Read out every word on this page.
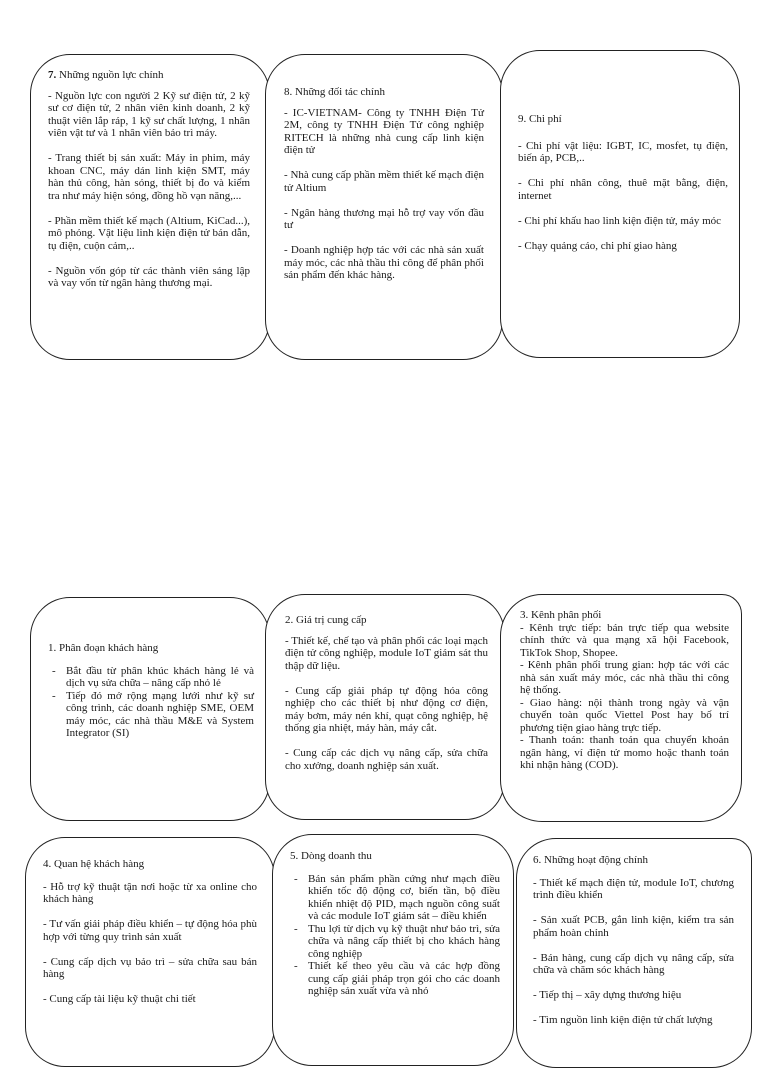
7. Những nguồn lực chính

- Nguồn lực con người 2 Kỹ sư điện tử, 2 kỹ sư cơ điện tử, 2 nhân viên kinh doanh, 2 kỹ thuật viên lắp ráp, 1 kỹ sư chất lượng, 1 nhân viên vật tư và 1 nhân viên bảo trì máy.

- Trang thiết bị sản xuất: Máy in phim, máy khoan CNC, máy dán linh kiện SMT, máy hàn thủ công, hàn sóng, thiết bị đo và kiểm tra như máy hiện sóng, đồng hồ vạn năng,...

- Phần mềm thiết kế mạch (Altium, KiCad...), mô phỏng. Vật liệu linh kiện điện tử bán dẫn, tụ điện, cuộn cảm,..

- Nguồn vốn góp từ các thành viên sáng lập và vay vốn từ ngân hàng thương mại.

8. Những đối tác chính

- IC-VIETNAM- Công ty TNHH Điện Tử 2M, công ty TNHH Điện Tử công nghiệp RITECH là những nhà cung cấp linh kiện điện tử

- Nhà cung cấp phần mềm thiết kế mạch điện tử Altium

- Ngân hàng thương mại hỗ trợ vay vốn đầu tư

- Doanh nghiệp hợp tác với các nhà sản xuất máy móc, các nhà thầu thi công để phân phối sản phẩm đến khác hàng.

9. Chi phí

- Chi phí vật liệu: IGBT, IC, mosfet, tụ điện, biến áp, PCB,..

- Chi phí nhân công, thuê mặt bằng, điện, internet

- Chi phí khấu hao linh kiện điện tử, máy móc

- Chạy quảng cáo, chi phí giao hàng

1. Phân đoạn khách hàng

- Bắt đầu từ phân khúc khách hàng lẻ và dịch vụ sửa chữa – nâng cấp nhỏ lẻ
- Tiếp đó mở rộng mạng lưới như kỹ sư công trình, các doanh nghiệp SME, OEM máy móc, các nhà thầu M&E và System Integrator (SI)

2. Giá trị cung cấp

- Thiết kế, chế tạo và phân phối các loại mạch điện tử công nghiệp, module IoT giám sát thu thập dữ liệu.

- Cung cấp giải pháp tự động hóa công nghiệp cho các thiết bị như động cơ điện, máy bơm, máy nén khí, quạt công nghiệp, hệ thống gia nhiệt, máy hàn, máy cắt.

- Cung cấp các dịch vụ nâng cấp, sửa chữa cho xưởng, doanh nghiệp sản xuất.

3. Kênh phân phối

- Kênh trực tiếp: bán trực tiếp qua website chính thức và qua mạng xã hội Facebook, TikTok Shop, Shopee.

- Kênh phân phối trung gian: hợp tác với các nhà sản xuất máy móc, các nhà thầu thi công hệ thống.

- Giao hàng: nội thành trong ngày và vận chuyển toàn quốc Viettel Post hay bố trí phương tiện giao hàng trực tiếp.

- Thanh toán: thanh toán qua chuyển khoản ngân hàng, ví điện tử momo hoặc thanh toán khi nhận hàng (COD).

4. Quan hệ khách hàng

- Hỗ trợ kỹ thuật tận nơi hoặc từ xa online cho khách hàng

- Tư vấn giải pháp điều khiển – tự động hóa phù hợp với từng quy trình sản xuất

- Cung cấp dịch vụ bảo trì – sửa chữa sau bán hàng

- Cung cấp tài liệu kỹ thuật chi tiết

5. Dòng doanh thu

- Bán sản phẩm phần cứng như mạch điều khiển tốc độ động cơ, biến tần, bộ điều khiển nhiệt độ PID, mạch nguồn công suất và các module IoT giám sát – điều khiển
- Thu lợi từ dịch vụ kỹ thuật như bảo trì, sửa chữa và nâng cấp thiết bị cho khách hàng công nghiệp
- Thiết kế theo yêu cầu và các hợp đồng cung cấp giải pháp trọn gói cho các doanh nghiệp sản xuất vừa và nhỏ

6. Những hoạt động chính

- Thiết kế mạch điện tử, module IoT, chương trình điều khiển

- Sản xuất PCB, gắn linh kiện, kiểm tra sản phẩm hoàn chỉnh

- Bán hàng, cung cấp dịch vụ nâng cấp, sửa chữa và chăm sóc khách hàng

- Tiếp thị – xây dựng thương hiệu

- Tìm nguồn linh kiện điện tử chất lượng
